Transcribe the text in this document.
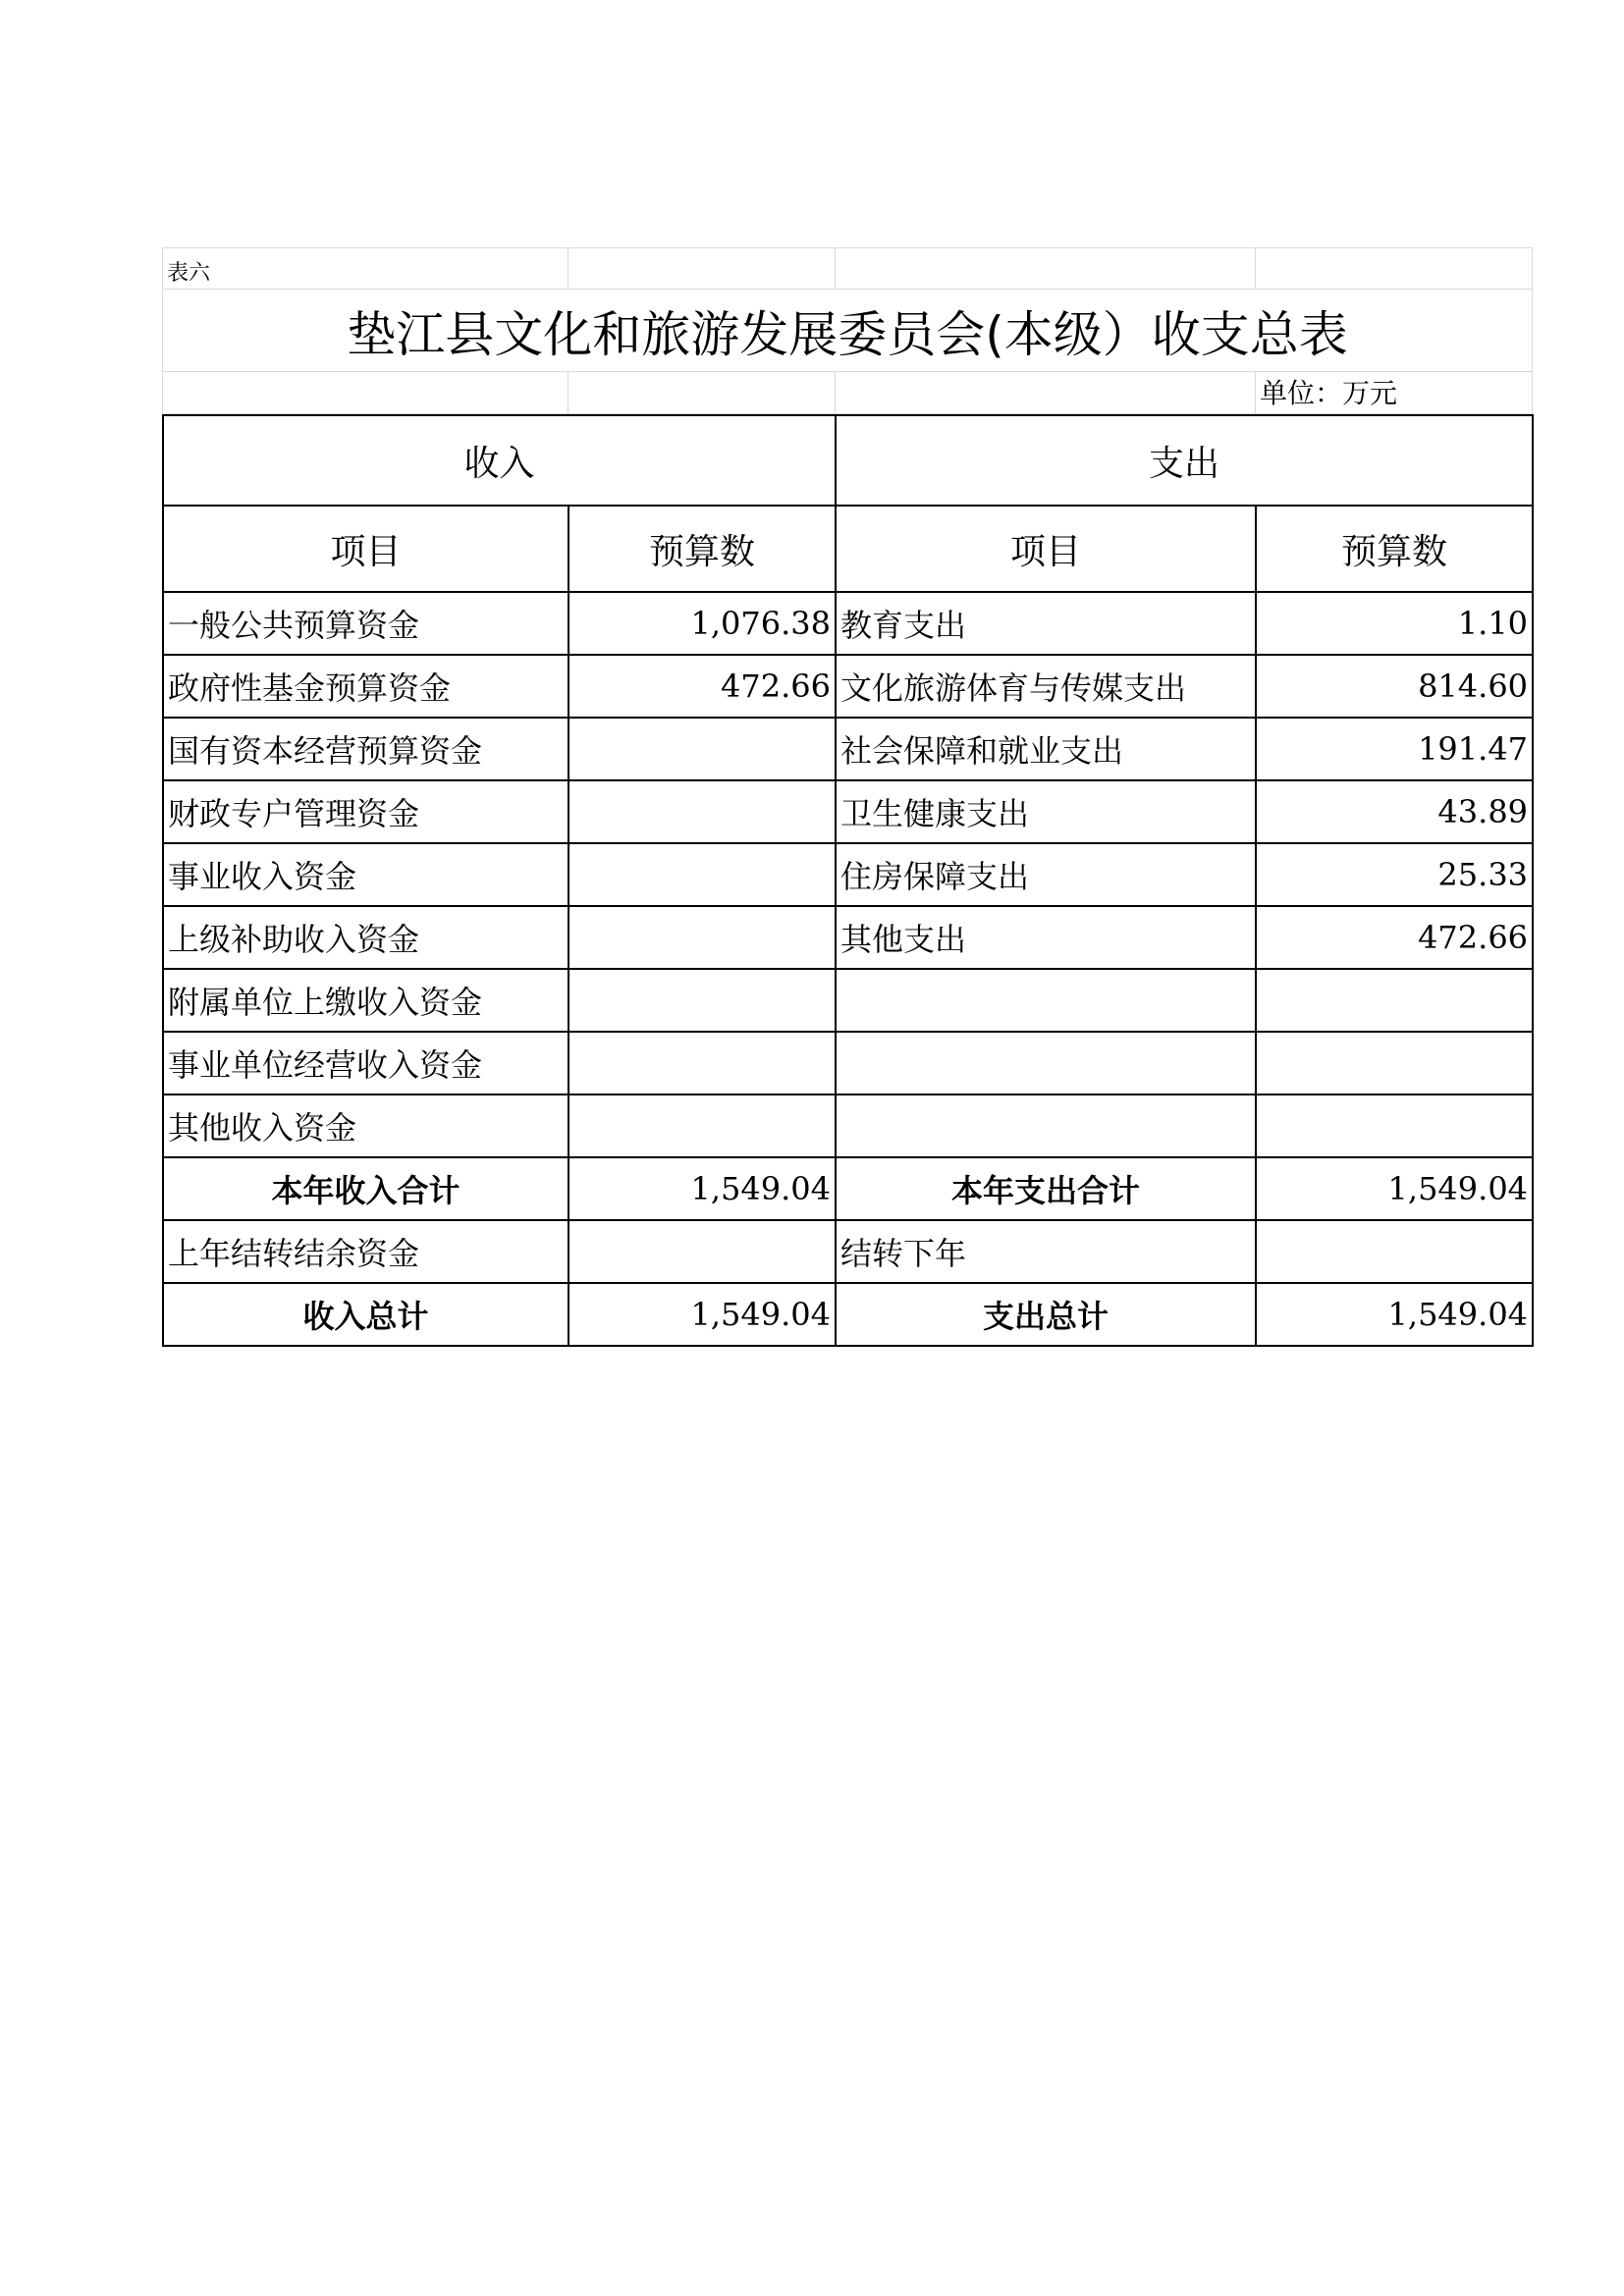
表六			
垫江县文化和旅游发展委员会(本级）收支总表			
			单位：万元
收入		支出	
项目	预算数	项目	预算数
一般公共预算资金	1,076.38	教育支出	1.10
政府性基金预算资金	472.66	文化旅游体育与传媒支出	814.60
国有资本经营预算资金		社会保障和就业支出	191.47
财政专户管理资金		卫生健康支出	43.89
事业收入资金		住房保障支出	25.33
上级补助收入资金		其他支出	472.66
附属单位上缴收入资金			
事业单位经营收入资金			
其他收入资金			
本年收入合计	1,549.04	本年支出合计	1,549.04
上年结转结余资金		结转下年	
收入总计	1,549.04	支出总计	1,549.04
